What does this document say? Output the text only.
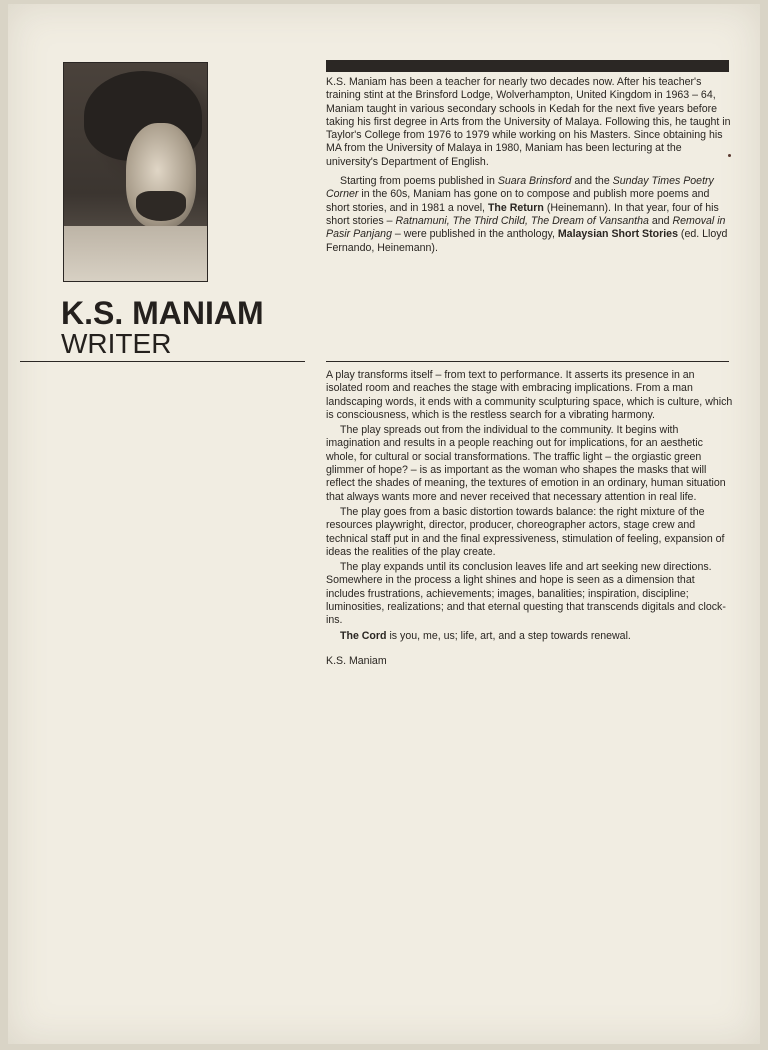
K.S. Maniam has been a teacher for nearly two decades now. After his teacher's training stint at the Brinsford Lodge, Wolverhampton, United Kingdom in 1963 – 64, Maniam taught in various secondary schools in Kedah for the next five years before taking his first degree in Arts from the University of Malaya. Following this, he taught in Taylor's College from 1976 to 1979 while working on his Masters. Since obtaining his MA from the University of Malaya in 1980, Maniam has been lecturing at the university's Department of English.

Starting from poems published in Suara Brinsford and the Sunday Times Poetry Corner in the 60s, Maniam has gone on to compose and publish more poems and short stories, and in 1981 a novel, The Return (Heinemann). In that year, four of his short stories – Ratnamuni, The Third Child, The Dream of Vansantha and Removal in Pasir Panjang – were published in the anthology, Malaysian Short Stories (ed. Lloyd Fernando, Heinemann).

K.S. MANIAM
WRITER

A play transforms itself – from text to performance. It asserts its presence in an isolated room and reaches the stage with embracing implications. From a man landscaping words, it ends with a community sculpturing space, which is culture, which is consciousness, which is the restless search for a vibrating harmony.

The play spreads out from the individual to the community. It begins with imagination and results in a people reaching out for implications, for an aesthetic whole, for cultural or social transformations. The traffic light – the orgiastic green glimmer of hope? – is as important as the woman who shapes the masks that will reflect the shades of meaning, the textures of emotion in an ordinary, human situation that always wants more and never received that necessary attention in real life.

The play goes from a basic distortion towards balance: the right mixture of the resources playwright, director, producer, choreographer actors, stage crew and technical staff put in and the final expressiveness, stimulation of feeling, expansion of ideas the realities of the play create.

The play expands until its conclusion leaves life and art seeking new directions. Somewhere in the process a light shines and hope is seen as a dimension that includes frustrations, achievements; images, banalities; inspiration, discipline; luminosities, realizations; and that eternal questing that transcends digitals and clock-ins.

The Cord is you, me, us; life, art, and a step towards renewal.

K.S. Maniam
